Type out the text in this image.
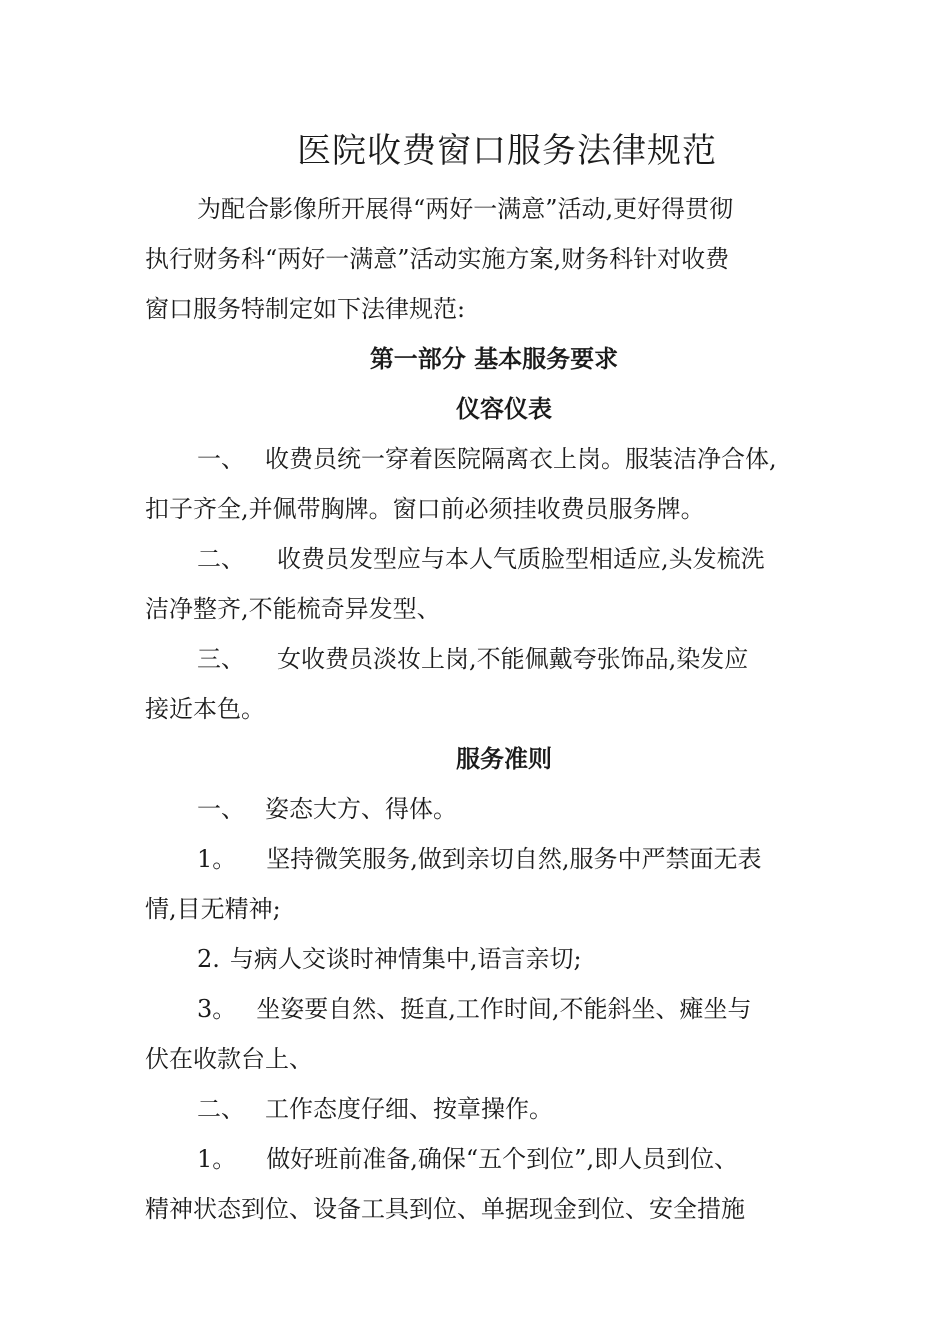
医院收费窗口服务法律规范

为配合影像所开展得“两好一满意”活动,更好得贯彻

执行财务科“两好一满意”活动实施方案,财务科针对收费

窗口服务特制定如下法律规范:

第一部分 基本服务要求

仪容仪表

一、 收费员统一穿着医院隔离衣上岗。服装洁净合体,

扣子齐全,并佩带胸牌。窗口前必须挂收费员服务牌。

二、 收费员发型应与本人气质脸型相适应,头发梳洗

洁净整齐,不能梳奇异发型、

三、 女收费员淡妆上岗,不能佩戴夸张饰品,染发应

接近本色。

服务准则

一、 姿态大方、得体。

1。 坚持微笑服务,做到亲切自然,服务中严禁面无表

情,目无精神;

2. 与病人交谈时神情集中,语言亲切;

3。 坐姿要自然、挺直,工作时间,不能斜坐、瘫坐与

伏在收款台上、

二、 工作态度仔细、按章操作。

1。 做好班前准备,确保“五个到位”,即人员到位、

精神状态到位、设备工具到位、单据现金到位、安全措施
